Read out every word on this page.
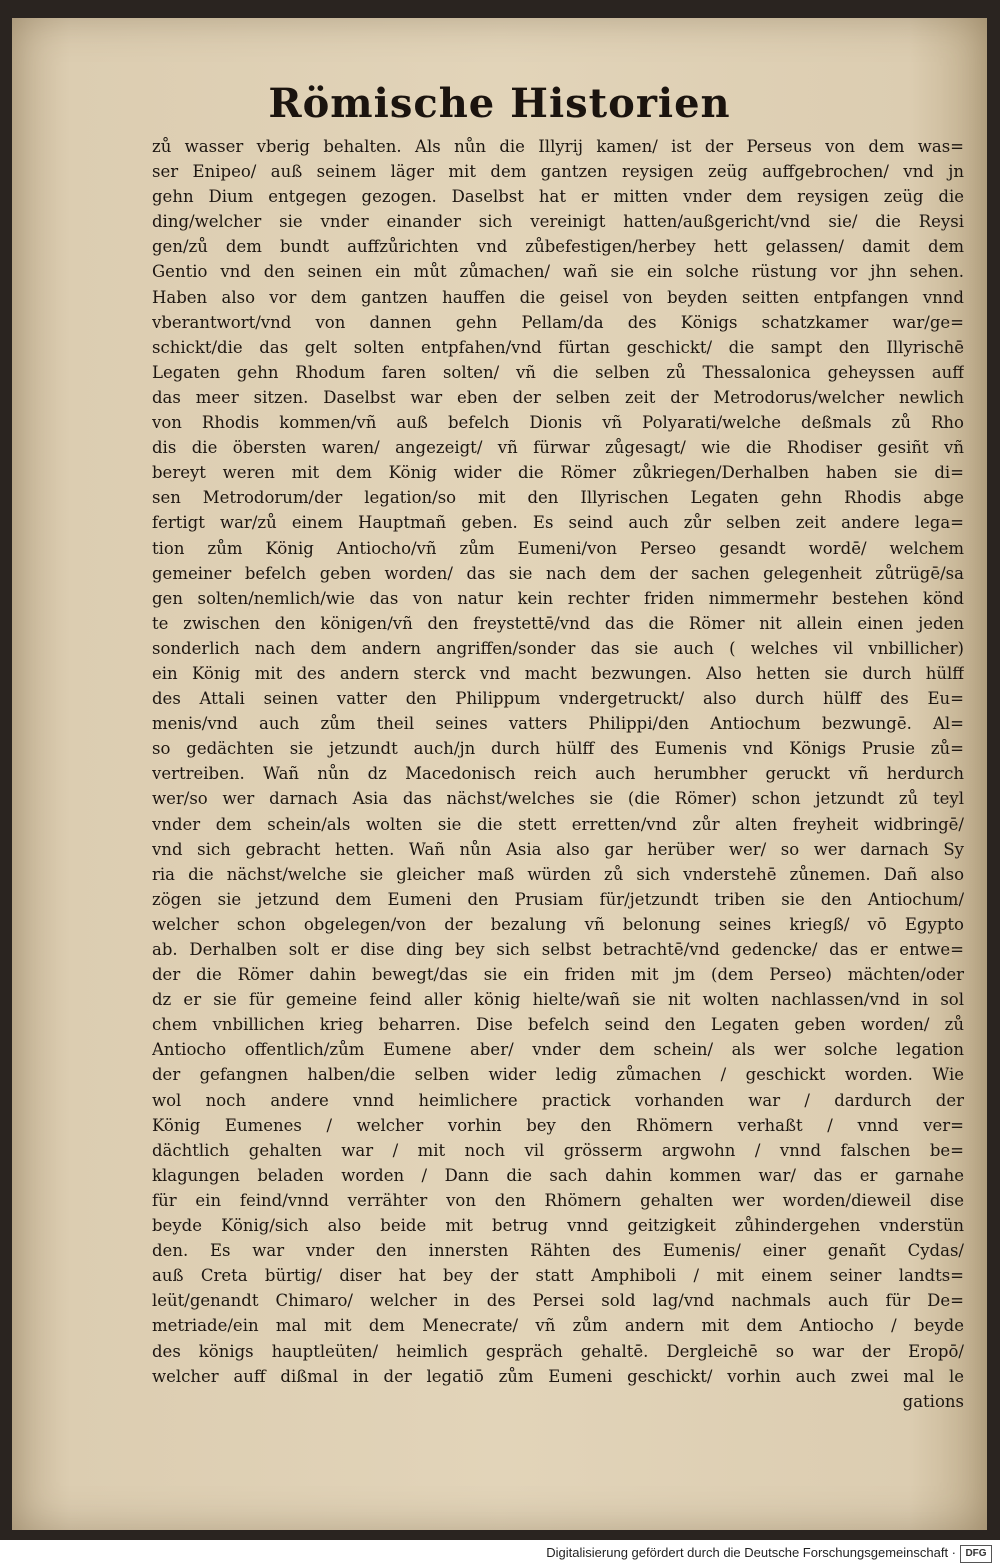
Römische Historien
zů wasser vberig behalten. Als nůn die Illyrij kamen/ ist der Perseus von dem was=
ser Enipeo/ auß seinem läger mit dem gantzen reysigen zeüg auffgebrochen/ vnd jn
gehn Dium entgegen gezogen. Daselbst hat er mitten vnder dem reysigen zeüg die
ding/welcher sie vnder einander sich vereinigt hatten/außgericht/vnd sie/ die Reysi
gen/zů dem bundt auffzůrichten vnd zůbefestigen/herbey hett gelassen/ damit dem
Gentio vnd den seinen ein můt zůmachen/ wañ sie ein solche rüstung vor jhn sehen.
Haben also vor dem gantzen hauffen die geisel von beyden seitten entpfangen vnnd
vberantwort/vnd von dannen gehn Pellam/da des Königs schatzkamer war/ge=
schickt/die das gelt solten entpfahen/vnd fürtan geschickt/ die sampt den Illyrischē
Legaten gehn Rhodum faren solten/ vñ die selben zů Thessalonica geheyssen auff
das meer sitzen. Daselbst war eben der selben zeit der Metrodorus/welcher newlich
von Rhodis kommen/vñ auß befelch Dionis vñ Polyarati/welche deßmals zů Rho
dis die öbersten waren/ angezeigt/ vñ fürwar zůgesagt/ wie die Rhodiser gesiñt vñ
bereyt weren mit dem König wider die Römer zůkriegen/Derhalben haben sie di=
sen Metrodorum/der legation/so mit den Illyrischen Legaten gehn Rhodis abge
fertigt war/zů einem Hauptmañ geben. Es seind auch zůr selben zeit andere lega=
tion zům König Antiocho/vñ zům Eumeni/von Perseo gesandt wordē/ welchem
gemeiner befelch geben worden/ das sie nach dem der sachen gelegenheit zůtrügē/sa
gen solten/nemlich/wie das von natur kein rechter friden nimmermehr bestehen könd
te zwischen den königen/vñ den freystettē/vnd das die Römer nit allein einen jeden
sonderlich nach dem andern angriffen/sonder das sie auch ( welches vil vnbillicher)
ein König mit des andern sterck vnd macht bezwungen. Also hetten sie durch hülff
des Attali seinen vatter den Philippum vndergetruckt/ also durch hülff des Eu=
menis/vnd auch zům theil seines vatters Philippi/den Antiochum bezwungē. Al=
so gedächten sie jetzundt auch/jn durch hülff des Eumenis vnd Königs Prusie zů=
vertreiben. Wañ nůn dz Macedonisch reich auch herumbher geruckt vñ herdurch
wer/so wer darnach Asia das nächst/welches sie (die Römer) schon jetzundt zů teyl
vnder dem schein/als wolten sie die stett erretten/vnd zůr alten freyheit widbringē/
vnd sich gebracht hetten. Wañ nůn Asia also gar herüber wer/ so wer darnach Sy
ria die nächst/welche sie gleicher maß würden zů sich vnderstehē zůnemen. Dañ also
zögen sie jetzund dem Eumeni den Prusiam für/jetzundt triben sie den Antiochum/
welcher schon obgelegen/von der bezalung vñ belonung seines kriegß/ vō Egypto
ab. Derhalben solt er dise ding bey sich selbst betrachtē/vnd gedencke/ das er entwe=
der die Römer dahin bewegt/das sie ein friden mit jm (dem Perseo) mächten/oder
dz er sie für gemeine feind aller könig hielte/wañ sie nit wolten nachlassen/vnd in sol
chem vnbillichen krieg beharren. Dise befelch seind den Legaten geben worden/ zů
Antiocho offentlich/zům Eumene aber/ vnder dem schein/ als wer solche legation
der gefangnen halben/die selben wider ledig zůmachen / geschickt worden. Wie
wol noch andere vnnd heimlichere practick vorhanden war / dardurch der
König Eumenes / welcher vorhin bey den Rhömern verhaßt / vnnd ver=
dächtlich gehalten war / mit noch vil grösserm argwohn / vnnd falschen be=
klagungen beladen worden / Dann die sach dahin kommen war/ das er garnahe
für ein feind/vnnd verrähter von den Rhömern gehalten wer worden/dieweil dise
beyde König/sich also beide mit betrug vnnd geitzigkeit zůhindergehen vnderstün
den. Es war vnder den innersten Rähten des Eumenis/ einer genañt Cydas/
auß Creta bürtig/ diser hat bey der statt Amphiboli / mit einem seiner landts=
leüt/genandt Chimaro/ welcher in des Persei sold lag/vnd nachmals auch für De=
metriade/ein mal mit dem Menecrate/ vñ zům andern mit dem Antiocho / beyde
des königs hauptleüten/ heimlich gespräch gehaltē. Dergleichē so war der Eropō/
welcher auff dißmal in der legatiō zům Eumeni geschickt/ vorhin auch zwei mal le
gations
Digitalisierung gefördert durch die Deutsche Forschungsgemeinschaft · DFG
